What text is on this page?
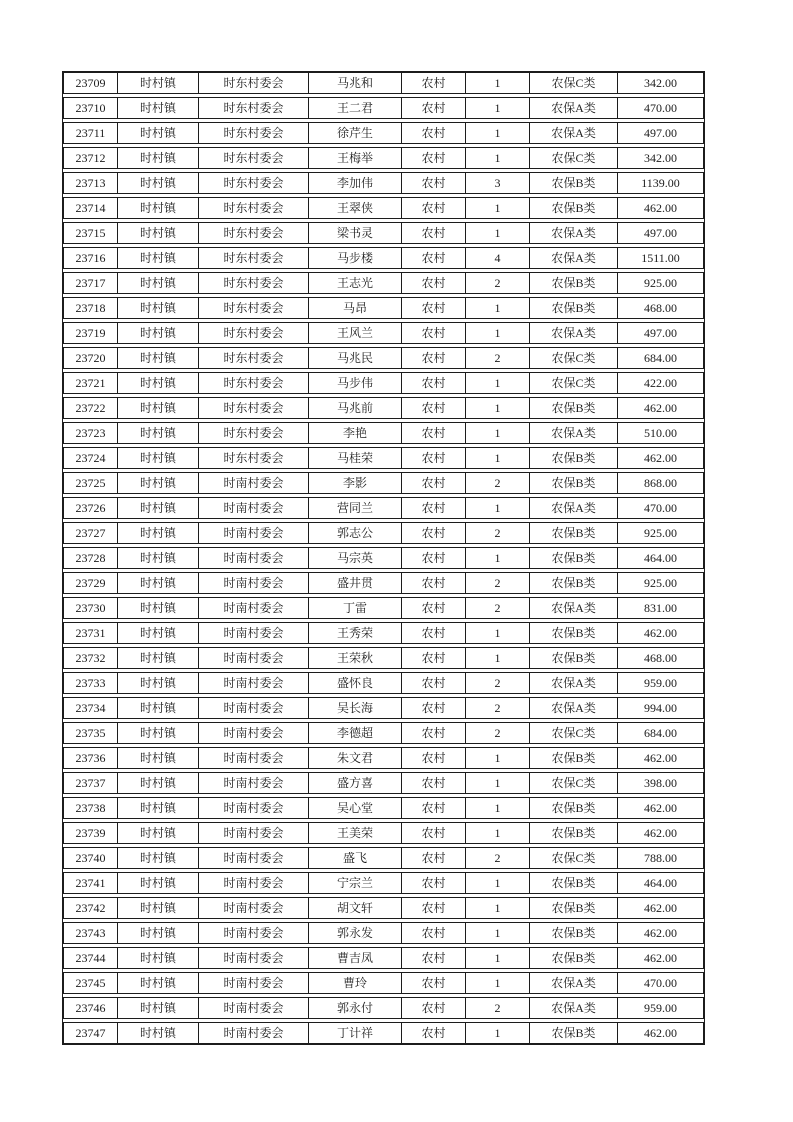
23709	时村镇	时东村委会	马兆和	农村	1	农保C类	342.00
23710	时村镇	时东村委会	王二君	农村	1	农保A类	470.00
23711	时村镇	时东村委会	徐芹生	农村	1	农保A类	497.00
23712	时村镇	时东村委会	王梅举	农村	1	农保C类	342.00
23713	时村镇	时东村委会	李加伟	农村	3	农保B类	1139.00
23714	时村镇	时东村委会	王翠侠	农村	1	农保B类	462.00
23715	时村镇	时东村委会	梁书灵	农村	1	农保A类	497.00
23716	时村镇	时东村委会	马步楼	农村	4	农保A类	1511.00
23717	时村镇	时东村委会	王志光	农村	2	农保B类	925.00
23718	时村镇	时东村委会	马昂	农村	1	农保B类	468.00
23719	时村镇	时东村委会	王风兰	农村	1	农保A类	497.00
23720	时村镇	时东村委会	马兆民	农村	2	农保C类	684.00
23721	时村镇	时东村委会	马步伟	农村	1	农保C类	422.00
23722	时村镇	时东村委会	马兆前	农村	1	农保B类	462.00
23723	时村镇	时东村委会	李艳	农村	1	农保A类	510.00
23724	时村镇	时东村委会	马桂荣	农村	1	农保B类	462.00
23725	时村镇	时南村委会	李影	农村	2	农保B类	868.00
23726	时村镇	时南村委会	营同兰	农村	1	农保A类	470.00
23727	时村镇	时南村委会	郭志公	农村	2	农保B类	925.00
23728	时村镇	时南村委会	马宗英	农村	1	农保B类	464.00
23729	时村镇	时南村委会	盛井贯	农村	2	农保B类	925.00
23730	时村镇	时南村委会	丁雷	农村	2	农保A类	831.00
23731	时村镇	时南村委会	王秀荣	农村	1	农保B类	462.00
23732	时村镇	时南村委会	王荣秋	农村	1	农保B类	468.00
23733	时村镇	时南村委会	盛怀良	农村	2	农保A类	959.00
23734	时村镇	时南村委会	吴长海	农村	2	农保A类	994.00
23735	时村镇	时南村委会	李德超	农村	2	农保C类	684.00
23736	时村镇	时南村委会	朱文君	农村	1	农保B类	462.00
23737	时村镇	时南村委会	盛方喜	农村	1	农保C类	398.00
23738	时村镇	时南村委会	吴心堂	农村	1	农保B类	462.00
23739	时村镇	时南村委会	王美荣	农村	1	农保B类	462.00
23740	时村镇	时南村委会	盛飞	农村	2	农保C类	788.00
23741	时村镇	时南村委会	宁宗兰	农村	1	农保B类	464.00
23742	时村镇	时南村委会	胡文轩	农村	1	农保B类	462.00
23743	时村镇	时南村委会	郭永发	农村	1	农保B类	462.00
23744	时村镇	时南村委会	曹吉凤	农村	1	农保B类	462.00
23745	时村镇	时南村委会	曹玲	农村	1	农保A类	470.00
23746	时村镇	时南村委会	郭永付	农村	2	农保A类	959.00
23747	时村镇	时南村委会	丁计祥	农村	1	农保B类	462.00
